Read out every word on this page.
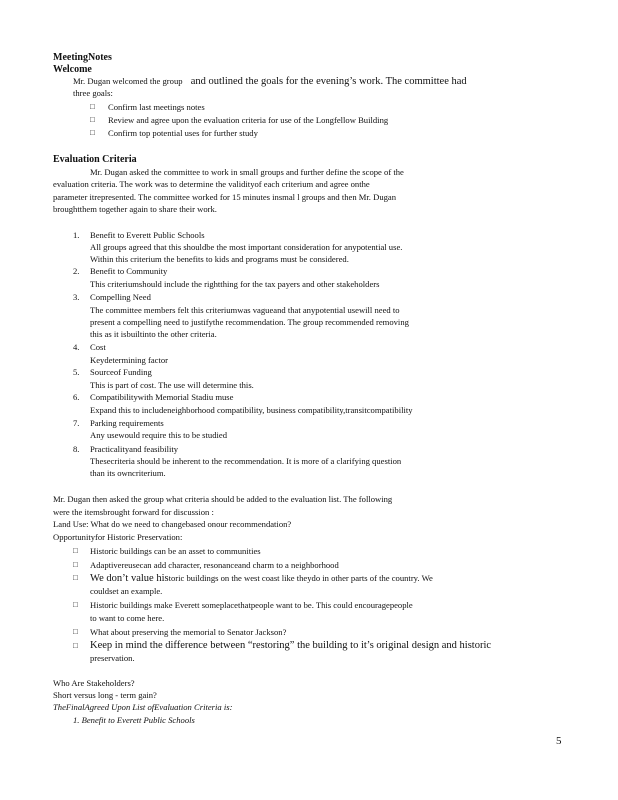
MeetingNotes
Welcome
Mr. Dugan welcomed the group and outlined the goals for the evening’s work. The committee had
three goals:
□ Confirm last meetings notes
□ Review and agree upon the evaluation criteria for use of the Longfellow Building
□ Confirm top potential uses for further study
Evaluation Criteria
Mr. Dugan asked the committee to work in small groups and further define the scope of the
evaluation criteria. The work was to determine the validityof each criterium and agree onthe
parameter itrepresented. The committee worked for 15 minutes insmal l groups and then Mr. Dugan
broughtthem together again to share their work.
1. Benefit to Everett Public Schools
All groups agreed that this shouldbe the most important consideration for anypotential use.
Within this criterium the benefits to kids and programs must be considered.
2. Benefit to Community
This criteriumshould include the rightthing for the tax payers and other stakeholders
3. Compelling Need
The committee members felt this criteriumwas vagueand that anypotential usewill need to
present a compelling need to justifythe recommendation. The group recommended removing
this as it isbuiltinto the other criteria.
4. Cost
Keydetermining factor
5. Sourceof Funding
This is part of cost. The use will determine this.
6. Compatibilitywith Memorial Stadiu muse
Expand this to includeneighborhood compatibility, business compatibility,transitcompatibility
7. Parking requirements
Any usewould require this to be studied
8. Practicalityand feasibility
Thesecriteria should be inherent to the recommendation. It is more of a clarifying question
than its owncriterium.
Mr. Dugan then asked the group what criteria should be added to the evaluation list. The following
were the itemsbrought forward for discussion :
Land Use: What do we need to changebased onour recommendation?
Opportunityfor Historic Preservation:
□ Historic buildings can be an asset to communities
□ Adaptivereusecan add character, resonanceand charm to a neighborhood
□ We don’t value historic buildings on the west coast like theydo in other parts of the country. We
couldset an example.
□ Historic buildings make Everett someplacethatpeople want to be. This could encouragepeople
to want to come here.
□ What about preserving the memorial to Senator Jackson?
□ Keep in mind the difference between “restoring” the building to it’s original design and historic
preservation.
Who Are Stakeholders?
Short versus long - term gain?
TheFinalAgreed Upon List ofEvaluation Criteria is:
1. Benefit to Everett Public Schools
5
